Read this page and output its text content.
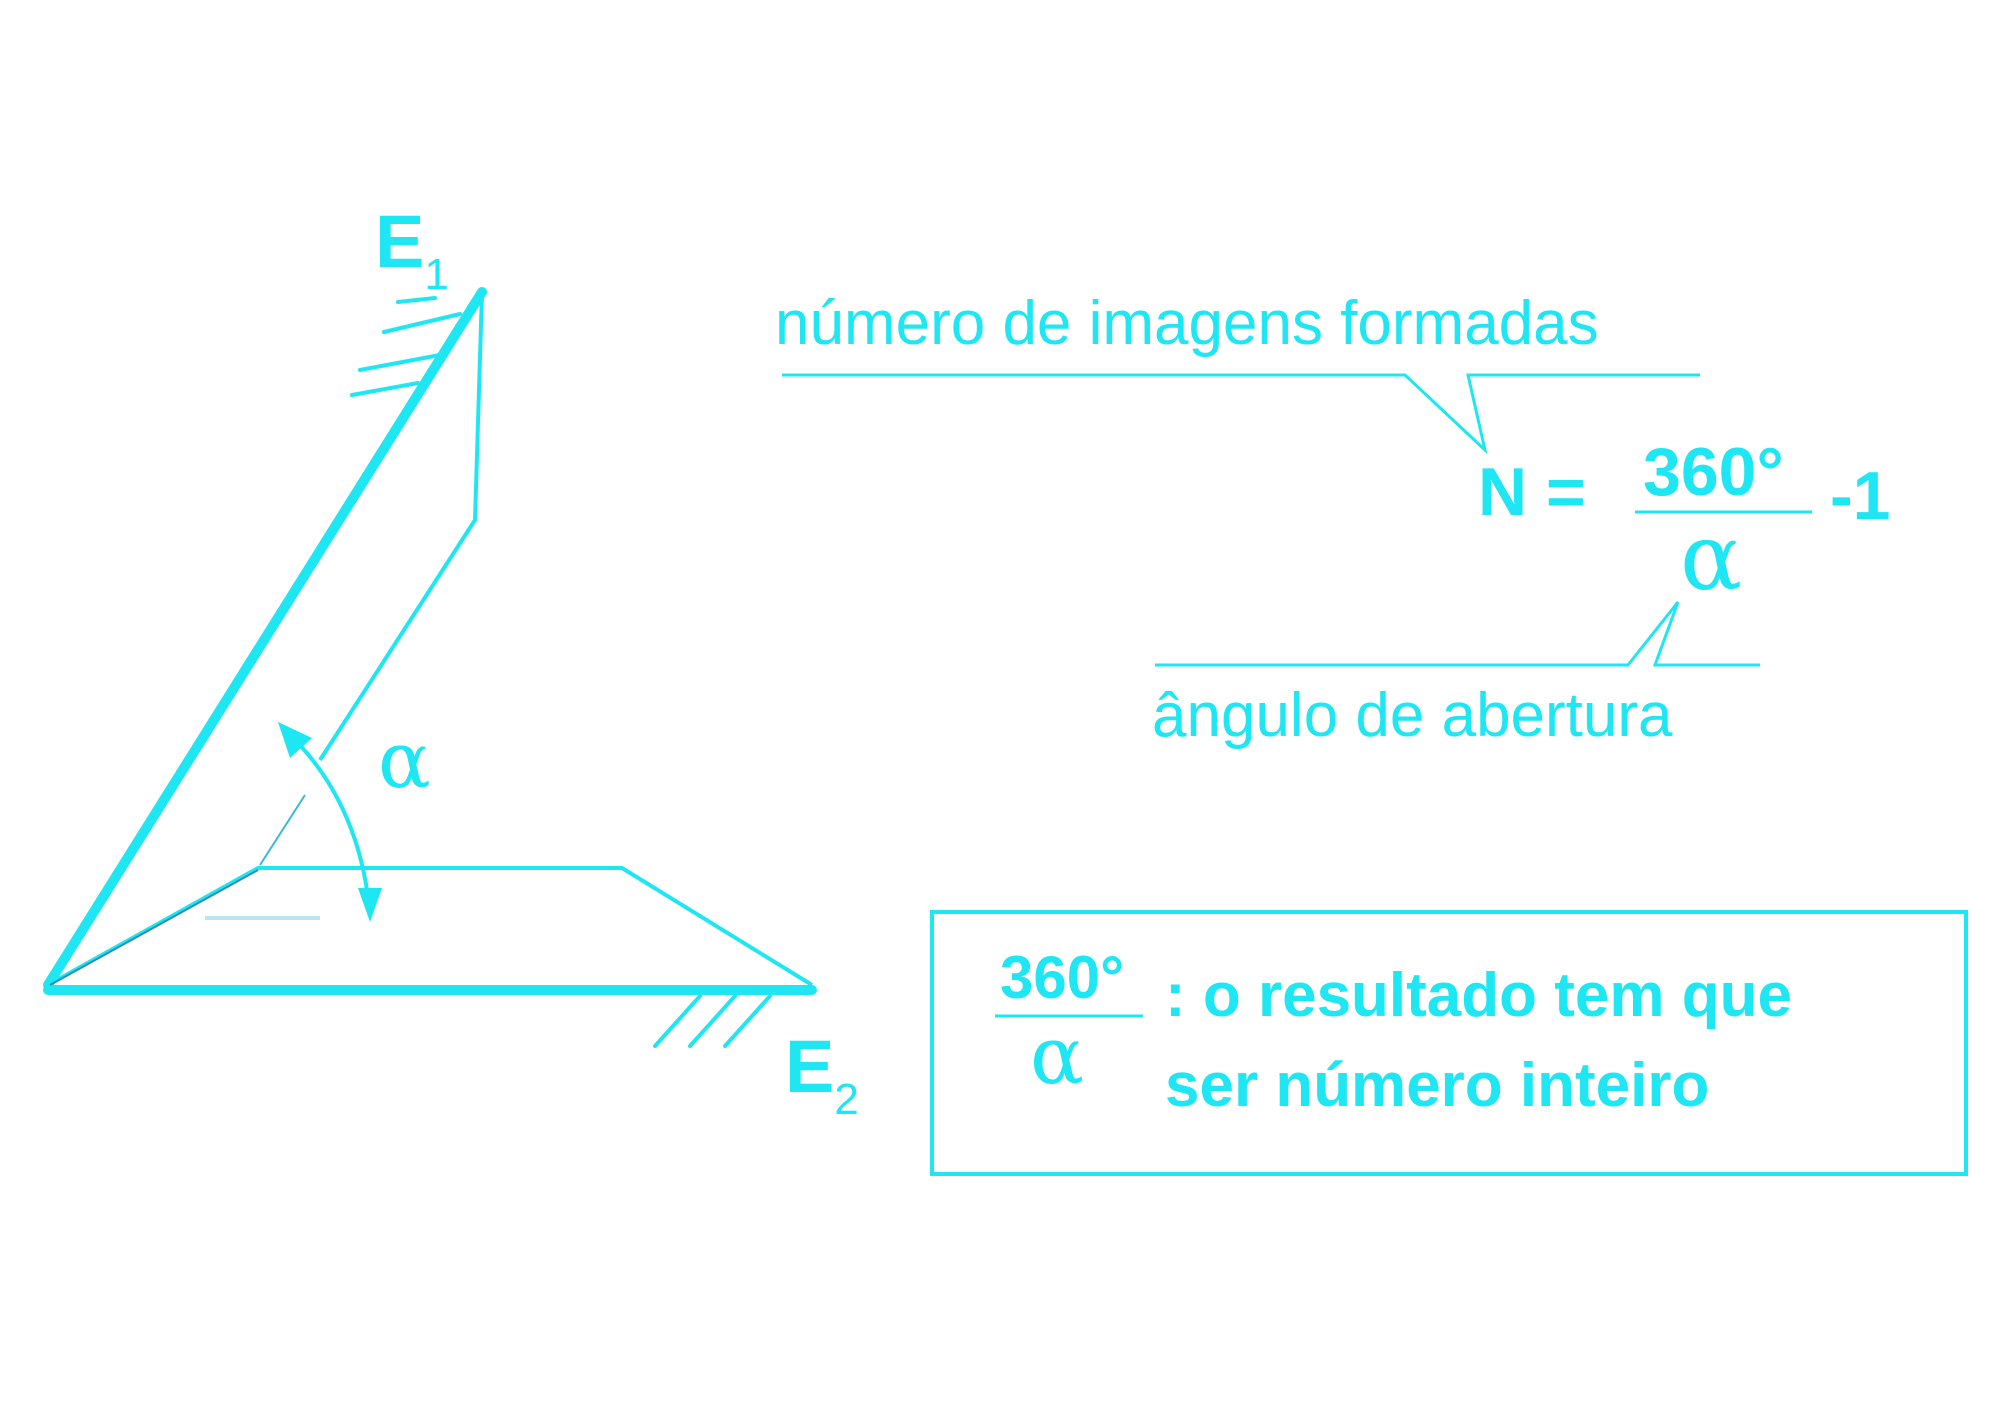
$E_1$
$E_2$
α
número de imagens formadas
N = 360°
α
-1
ângulo de abertura
360°
α
: o resultado tem que
ser número inteiro
